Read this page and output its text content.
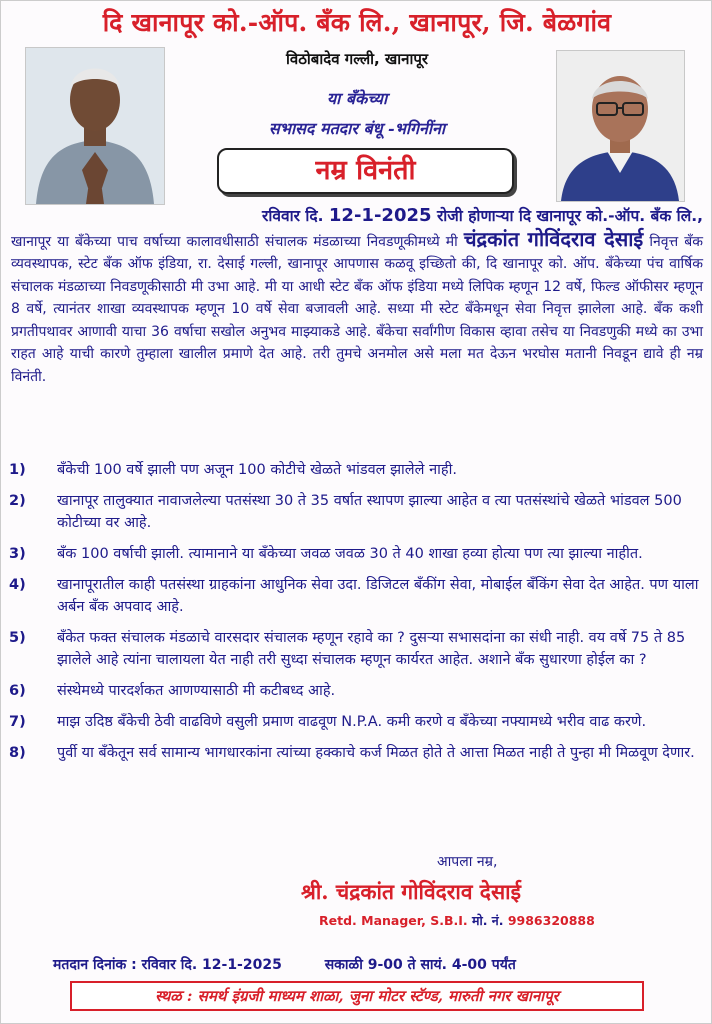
दि खानापूर को.-ऑप. बँक लि., खानापूर, जि. बेळगांव
विठोबादेव गल्ली, खानापूर
या बँकेच्या
सभासद मतदार बंधू -भगिनींना
नम्र विनंती
रविवार दि. 12-1-2025 रोजी होणाऱ्या दि खानापूर को.-ऑप. बँक लि.,
खानापूर या बँकेच्या पाच वर्षाच्या कालावधीसाठी संचालक मंडळाच्या निवडणूकीमध्ये मी चंद्रकांत गोविंदराव देसाई निवृत्त बँक व्यवस्थापक, स्टेट बँक ऑफ इंडिया, रा. देसाई गल्ली, खानापूर आपणास कळवू इच्छितो की, दि खानापूर को. ऑप. बँकेच्या पंच वार्षिक संचालक मंडळाच्या निवडणूकीसाठी मी उभा आहे. मी या आधी स्टेट बँक ऑफ इंडिया मध्ये लिपिक म्हणून 12 वर्षे, फिल्ड ऑफीसर म्हणून 8 वर्षे, त्यानंतर शाखा व्यवस्थापक म्हणून 10 वर्षे सेवा बजावली आहे. सध्या मी स्टेट बँकेमधून सेवा निवृत्त झालेला आहे. बँक कशी प्रगतीपथावर आणावी याचा 36 वर्षाचा सखोल अनुभव माझ्याकडे आहे. बँकेचा सर्वांगीण विकास व्हावा तसेच या निवडणुकी मध्ये का उभा राहत आहे याची कारणे तुम्हाला खालील प्रमाणे देत आहे. तरी तुमचे अनमोल असे मला मत देऊन भरघोस मतानी निवडून द्यावे ही नम्र विनंती.
1)	बँकेची 100 वर्षे झाली पण अजून 100 कोटीचे खेळते भांडवल झालेले नाही.
2)	खानापूर तालुक्यात नावाजलेल्या पतसंस्था 30 ते 35 वर्षात स्थापण झाल्या आहेत व त्या पतसंस्थांचे खेळते भांडवल 500 कोटीच्या वर आहे.
3)	बँक 100 वर्षाची झाली. त्यामानाने या बँकेच्या जवळ जवळ 30 ते 40 शाखा हव्या होत्या पण त्या झाल्या नाहीत.
4)	खानापूरातील काही पतसंस्था ग्राहकांना आधुनिक सेवा उदा. डिजिटल बँकींग सेवा, मोबाईल बँकिंग सेवा देत आहेत. पण याला अर्बन बँक अपवाद आहे.
5)	बँकेत फक्त संचालक मंडळाचे वारसदार संचालक म्हणून रहावे का ? दुसऱ्या सभासदांना का संधी नाही. वय वर्षे 75 ते 85 झालेले आहे त्यांना चालायला येत नाही तरी सुध्दा संचालक म्हणून कार्यरत आहेत. अशाने बँक सुधारणा होईल का ?
6)	संस्थेमध्ये पारदर्शकत आणण्यासाठी मी कटीबध्द आहे.
7)	माझ उदिष्ठ बँकेची ठेवी वाढविणे वसुली प्रमाण वाढवूण N.P.A. कमी करणे व बँकेच्या नफ्यामध्ये भरीव वाढ करणे.
8)	पुर्वी या बँकेतून सर्व सामान्य भागधारकांना त्यांच्या हक्काचे कर्ज मिळत होते ते आत्ता मिळत नाही ते पुन्हा मी मिळवूण देणार.
आपला नम्र,
श्री. चंद्रकांत गोविंदराव देसाई
Retd. Manager, S.B.I. मो. नं. 9986320888
मतदान दिनांक : रविवार दि. 12-1-2025	सकाळी 9-00 ते सायं. 4-00 पर्यंत
स्थळ : समर्थ इंग्रजी माध्यम शाळा, जुना मोटर स्टॅण्ड, मारुती नगर खानापूर
